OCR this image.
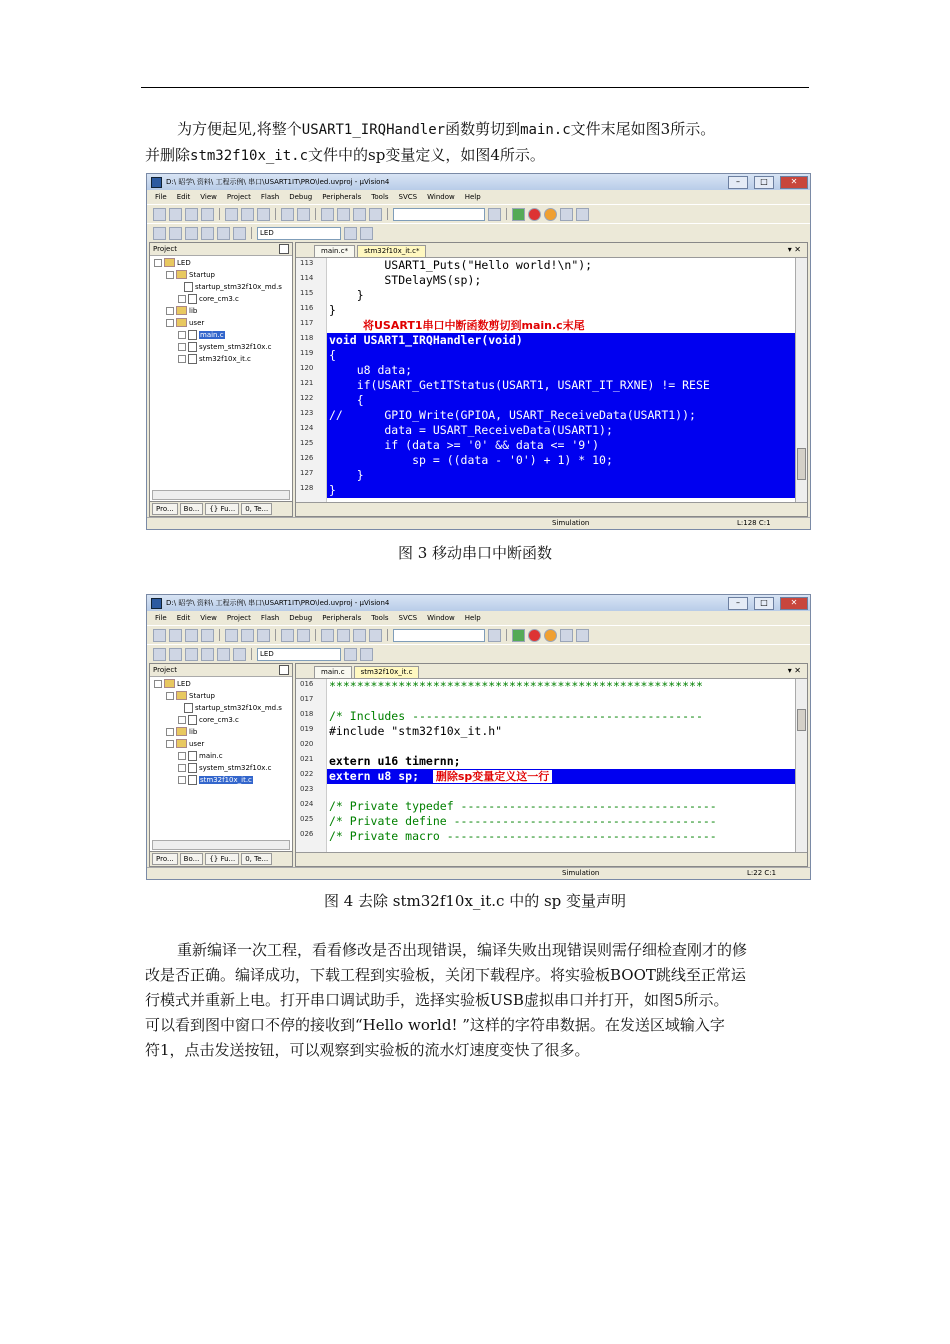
为方便起见,将整个USART1_IRQHandler函数剪切到main.c文件末尾如图3所示。

并删除stm32f10x_it.c文件中的sp变量定义，如图4所示。

D:\ 昭学\ 资料\ 工程示例\ 串口\USART1IT\PRO\led.uvproj - µVision4	–	□	✕
File Edit View Project Flash Debug Peripherals Tools SVCS Window Help
LED
Project
LED
Startup
startup_stm32f10x_md.s
core_cm3.c
lib
user
main.c
system_stm32f10x.c
stm32f10x_it.c
Pro...	Bo...	{} Fu...	0, Te...
main.c*	stm32f10x_it.c*	▾ ✕
113
114
115
116
117
118
119
120
121
122
123
124
125
126
127
128
USART1_Puts("Hello world!\n");
STDelayMS(sp);
}
}
将USART1串口中断函数剪切到main.c末尾
void USART1_IRQHandler(void)
{
u8 data;
if(USART_GetITStatus(USART1, USART_IT_RXNE) != RESE
{
//      GPIO_Write(GPIOA, USART_ReceiveData(USART1));
data = USART_ReceiveData(USART1);
if (data >= '0' && data <= '9')
sp = ((data - '0') + 1) * 10;
}
}
Simulation	L:128 C:1
图 3 移动串口中断函数
D:\ 昭学\ 资料\ 工程示例\ 串口\USART1IT\PRO\led.uvproj - µVision4	–	□	✕
File Edit View Project Flash Debug Peripherals Tools SVCS Window Help
LED
Project
LED
Startup
startup_stm32f10x_md.s
core_cm3.c
lib
user
main.c
system_stm32f10x.c
stm32f10x_it.c
Pro...	Bo...	{} Fu...	0, Te...
main.c	stm32f10x_it.c	▾ ✕
016
017
018
019
020
021
022
023
024
025
026
******************************************************
/* Includes ------------------------------------------
#include "stm32f10x_it.h"
extern u16 timernn;
extern u8 sp; 删除sp变量定义这一行
/* Private typedef -------------------------------------
/* Private define --------------------------------------
/* Private macro ---------------------------------------
Simulation	L:22 C:1
图 4 去除 stm32f10x_it.c 中的 sp 变量声明

重新编译一次工程，看看修改是否出现错误，编译失败出现错误则需仔细检查刚才的修

改是否正确。编译成功，下载工程到实验板，关闭下载程序。将实验板BOOT跳线至正常运

行模式并重新上电。打开串口调试助手，选择实验板USB虚拟串口并打开，如图5所示。

可以看到图中窗口不停的接收到“Hello world! ”这样的字符串数据。在发送区域输入字

符1，点击发送按钮，可以观察到实验板的流水灯速度变快了很多。
